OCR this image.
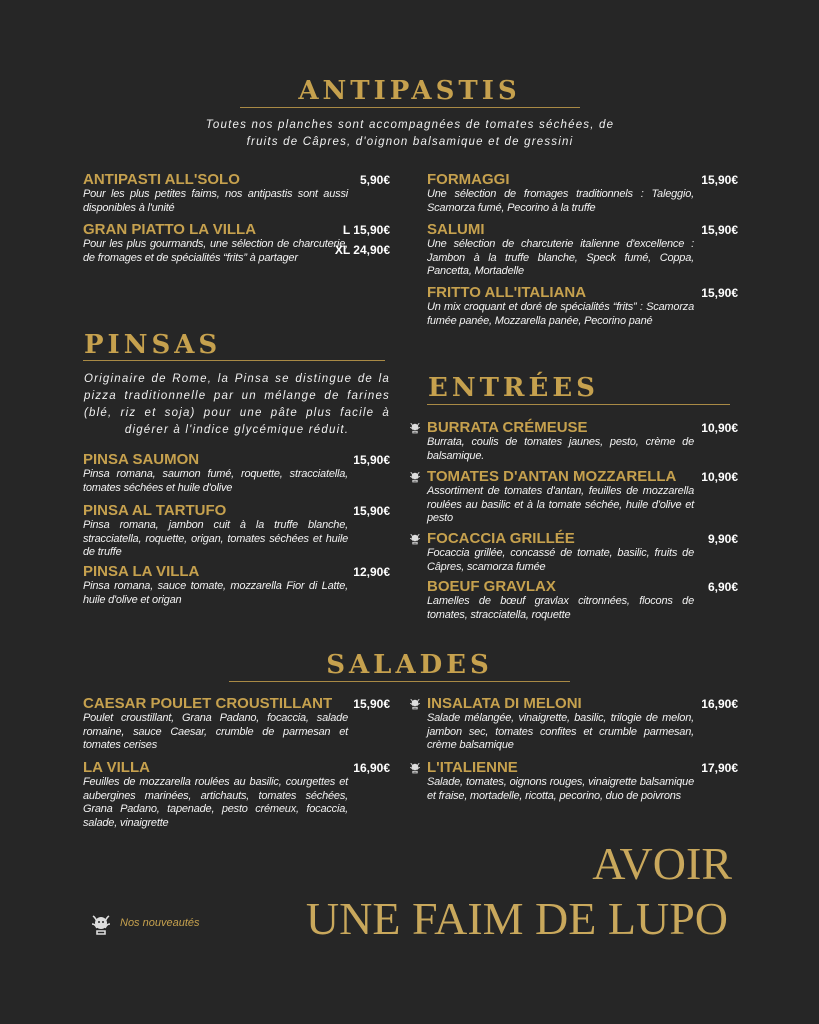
ANTIPASTIS
Toutes nos planches sont accompagnées de tomates séchées, de fruits de Câpres, d'oignon balsamique et de gressini
PINSAS
Originaire de Rome, la Pinsa se distingue de la pizza traditionnelle par un mélange de farines (blé, riz et soja) pour une pâte plus facile à digérer à l'indice glycémique réduit.
ENTRÉES
SALADES
ANTIPASTI ALL'SOLO	5,90€
Pour les plus petites faims, nos antipastis sont aussi disponibles à l'unité
GRAN PIATTO LA VILLA	L 15,90€
XL 24,90€
Pour les plus gourmands, une sélection de charcuterie, de fromages et de spécialités “frits” à partager
FORMAGGI	15,90€
Une sélection de fromages traditionnels : Taleggio, Scamorza fumé, Pecorino à la truffe
SALUMI	15,90€
Une sélection de charcuterie italienne d'excellence : Jambon à la truffe blanche, Speck fumé, Coppa, Pancetta, Mortadelle
FRITTO ALL'ITALIANA	15,90€
Un mix croquant et doré de spécialités “frits” : Scamorza fumée panée, Mozzarella panée, Pecorino pané
PINSA SAUMON	15,90€
Pinsa romana, saumon fumé, roquette, stracciatella, tomates séchées et huile d'olive
PINSA AL TARTUFO	15,90€
Pinsa romana, jambon cuit à la truffe blanche, stracciatella, roquette, origan, tomates séchées et huile de truffe
PINSA LA VILLA	12,90€
Pinsa romana, sauce tomate, mozzarella Fior di Latte, huile d'olive et origan
BURRATA CRÉMEUSE	10,90€
Burrata, coulis de tomates jaunes, pesto, crème de balsamique.
TOMATES D'ANTAN MOZZARELLA	10,90€
Assortiment de tomates d'antan, feuilles de mozzarella roulées au basilic et à la tomate séchée, huile d'olive et pesto
FOCACCIA GRILLÉE	9,90€
Focaccia grillée, concassé de tomate, basilic, fruits de Câpres, scamorza fumée
BOEUF GRAVLAX	6,90€
Lamelles de bœuf gravlax citronnées, flocons de tomates, stracciatella, roquette
CAESAR POULET CROUSTILLANT	15,90€
Poulet croustillant, Grana Padano, focaccia, salade romaine, sauce Caesar, crumble de parmesan et tomates cerises
LA VILLA	16,90€
Feuilles de mozzarella roulées au basilic, courgettes et aubergines marinées, artichauts, tomates séchées, Grana Padano, tapenade, pesto crémeux, focaccia, salade, vinaigrette
INSALATA DI MELONI	16,90€
Salade mélangée, vinaigrette, basilic, trilogie de melon, jambon sec, tomates confites et crumble parmesan, crème balsamique
L'ITALIENNE	17,90€
Salade, tomates, oignons rouges, vinaigrette balsamique et fraise, mortadelle, ricotta, pecorino, duo de poivrons
Nos nouveautés
AVOIR
UNE FAIM DE LUPO
